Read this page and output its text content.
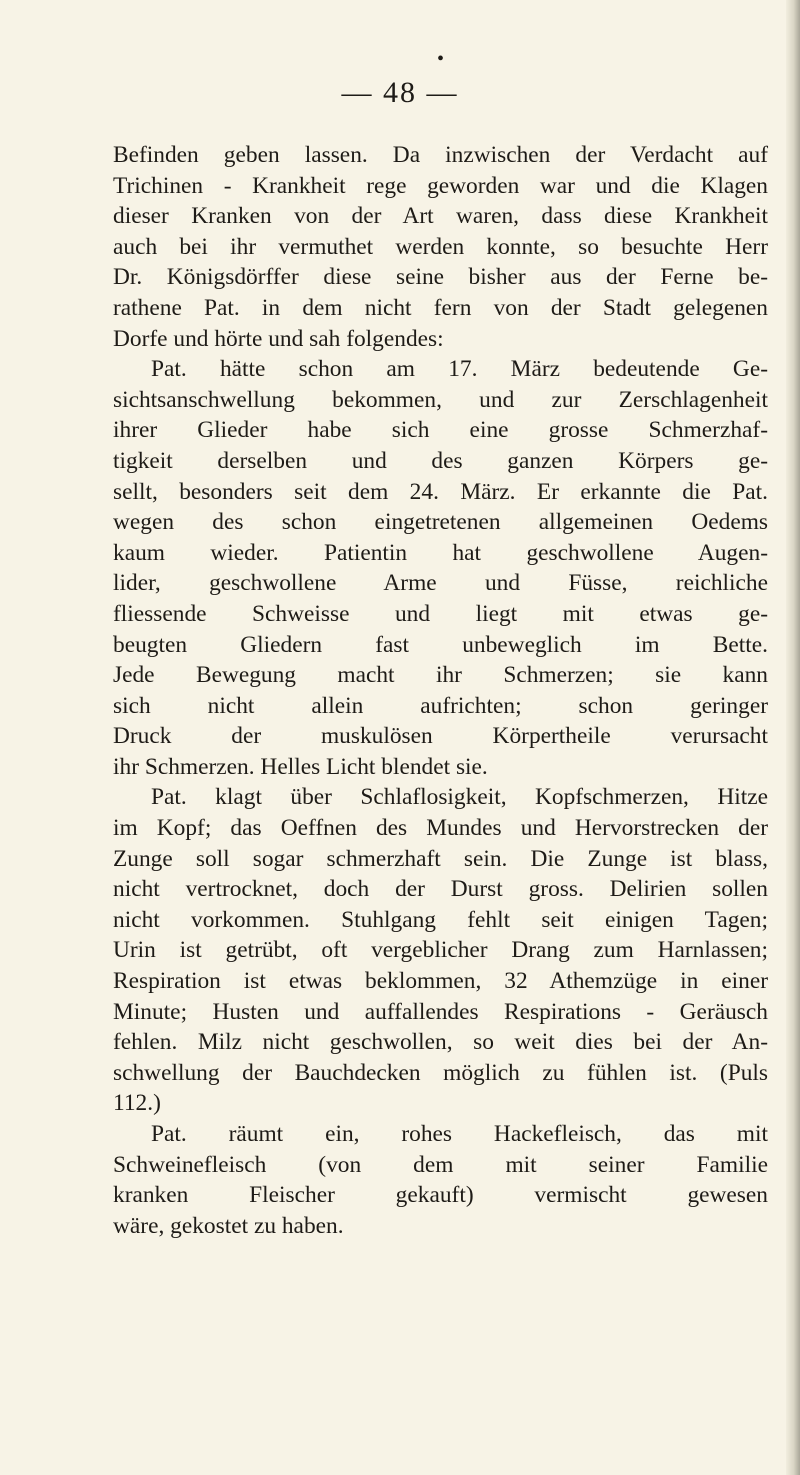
•
— 48 —
Befinden geben lassen. Da inzwischen der Verdacht auf
Trichinen - Krankheit rege geworden war und die Klagen
dieser Kranken von der Art waren, dass diese Krankheit
auch bei ihr vermuthet werden konnte, so besuchte Herr
Dr. Königsdörffer diese seine bisher aus der Ferne be-
rathene Pat. in dem nicht fern von der Stadt gelegenen
Dorfe und hörte und sah folgendes:
Pat. hätte schon am 17. März bedeutende Ge-
sichtsanschwellung bekommen, und zur Zerschlagenheit
ihrer Glieder habe sich eine grosse Schmerzhaf-
tigkeit derselben und des ganzen Körpers ge-
sellt, besonders seit dem 24. März. Er erkannte die Pat.
wegen des schon eingetretenen allgemeinen Oedems
kaum wieder. Patientin hat geschwollene Augen-
lider, geschwollene Arme und Füsse, reichliche
fliessende Schweisse und liegt mit etwas ge-
beugten Gliedern fast unbeweglich im Bette.
Jede Bewegung macht ihr Schmerzen; sie kann
sich nicht allein aufrichten; schon geringer
Druck der muskulösen Körpertheile verursacht
ihr Schmerzen. Helles Licht blendet sie.
Pat. klagt über Schlaflosigkeit, Kopfschmerzen, Hitze
im Kopf; das Oeffnen des Mundes und Hervorstrecken der
Zunge soll sogar schmerzhaft sein. Die Zunge ist blass,
nicht vertrocknet, doch der Durst gross. Delirien sollen
nicht vorkommen. Stuhlgang fehlt seit einigen Tagen;
Urin ist getrübt, oft vergeblicher Drang zum Harnlassen;
Respiration ist etwas beklommen, 32 Athemzüge in einer
Minute; Husten und auffallendes Respirations - Geräusch
fehlen. Milz nicht geschwollen, so weit dies bei der An-
schwellung der Bauchdecken möglich zu fühlen ist. (Puls
112.)
Pat. räumt ein, rohes Hackefleisch, das mit
Schweinefleisch (von dem mit seiner Familie
kranken Fleischer gekauft) vermischt gewesen
wäre, gekostet zu haben.
